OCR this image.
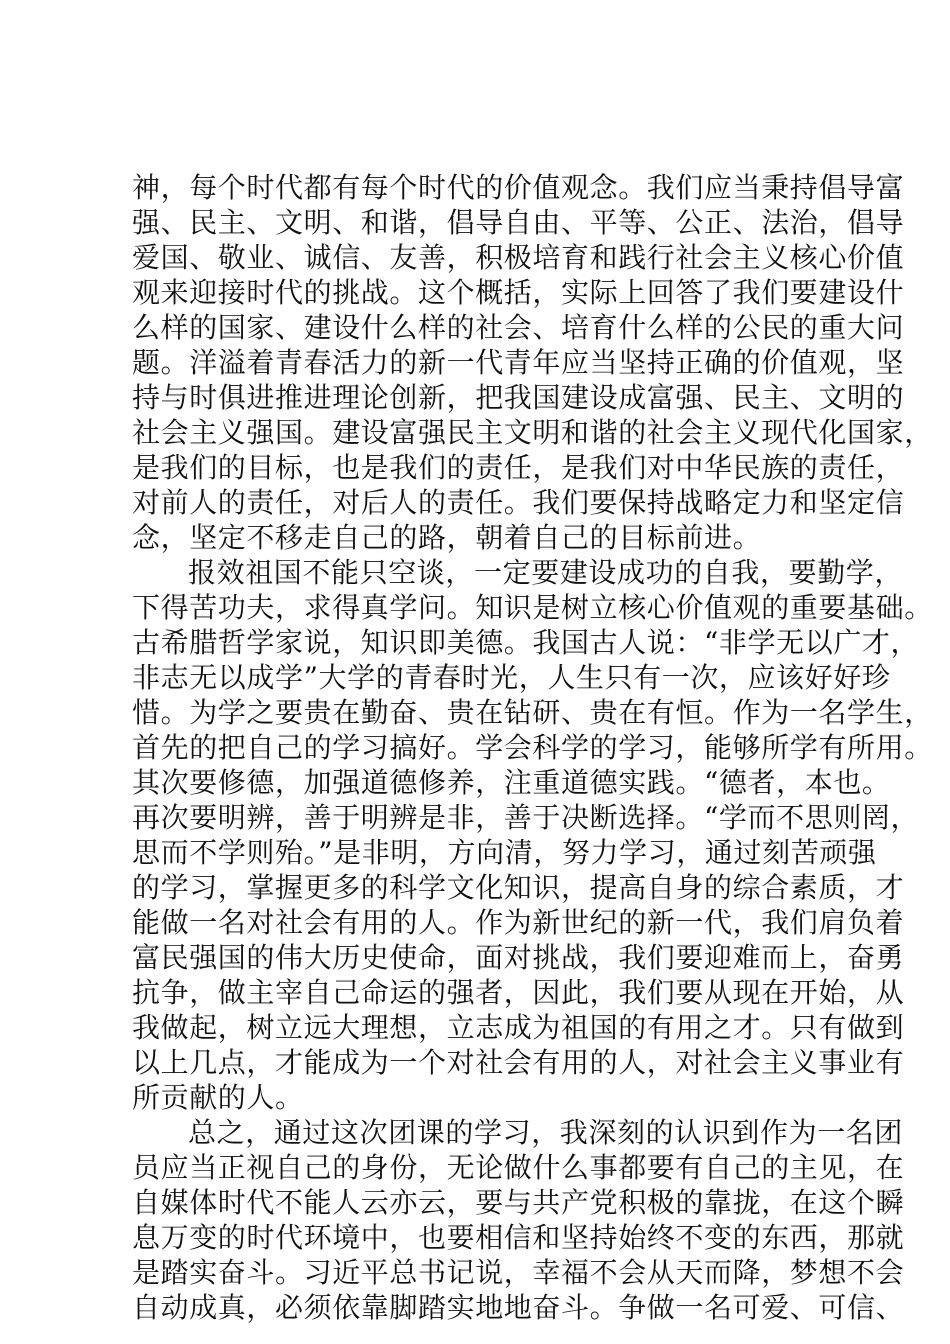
神，每个时代都有每个时代的价值观念。我们应当秉持倡导富
强、民主、文明、和谐，倡导自由、平等、公正、法治，倡导
爱国、敬业、诚信、友善，积极培育和践行社会主义核心价值
观来迎接时代的挑战。这个概括，实际上回答了我们要建设什
么样的国家、建设什么样的社会、培育什么样的公民的重大问
题。洋溢着青春活力的新一代青年应当坚持正确的价值观，坚
持与时俱进推进理论创新，把我国建设成富强、民主、文明的
社会主义强国。建设富强民主文明和谐的社会主义现代化国家，
是我们的目标，也是我们的责任，是我们对中华民族的责任，
对前人的责任，对后人的责任。我们要保持战略定力和坚定信
念，坚定不移走自己的路，朝着自己的目标前进。
报效祖国不能只空谈，一定要建设成功的自我，要勤学，
下得苦功夫，求得真学问。知识是树立核心价值观的重要基础。
古希腊哲学家说，知识即美德。我国古人说：“非学无以广才，
非志无以成学”大学的青春时光，人生只有一次，应该好好珍
惜。为学之要贵在勤奋、贵在钻研、贵在有恒。作为一名学生，
首先的把自己的学习搞好。学会科学的学习，能够所学有所用。
其次要修德，加强道德修养，注重道德实践。“德者，本也。
再次要明辨，善于明辨是非，善于决断选择。“学而不思则罔，
思而不学则殆。”是非明，方向清，努力学习，通过刻苦顽强
的学习，掌握更多的科学文化知识，提高自身的综合素质，才
能做一名对社会有用的人。作为新世纪的新一代，我们肩负着
富民强国的伟大历史使命，面对挑战，我们要迎难而上，奋勇
抗争，做主宰自己命运的强者，因此，我们要从现在开始，从
我做起，树立远大理想，立志成为祖国的有用之才。只有做到
以上几点，才能成为一个对社会有用的人，对社会主义事业有
所贡献的人。
总之，通过这次团课的学习，我深刻的认识到作为一名团
员应当正视自己的身份，无论做什么事都要有自己的主见，在
自媒体时代不能人云亦云，要与共产党积极的靠拢，在这个瞬
息万变的时代环境中，也要相信和坚持始终不变的东西，那就
是踏实奋斗。习近平总书记说，幸福不会从天而降，梦想不会
自动成真，必须依靠脚踏实地地奋斗。争做一名可爱、可信、
